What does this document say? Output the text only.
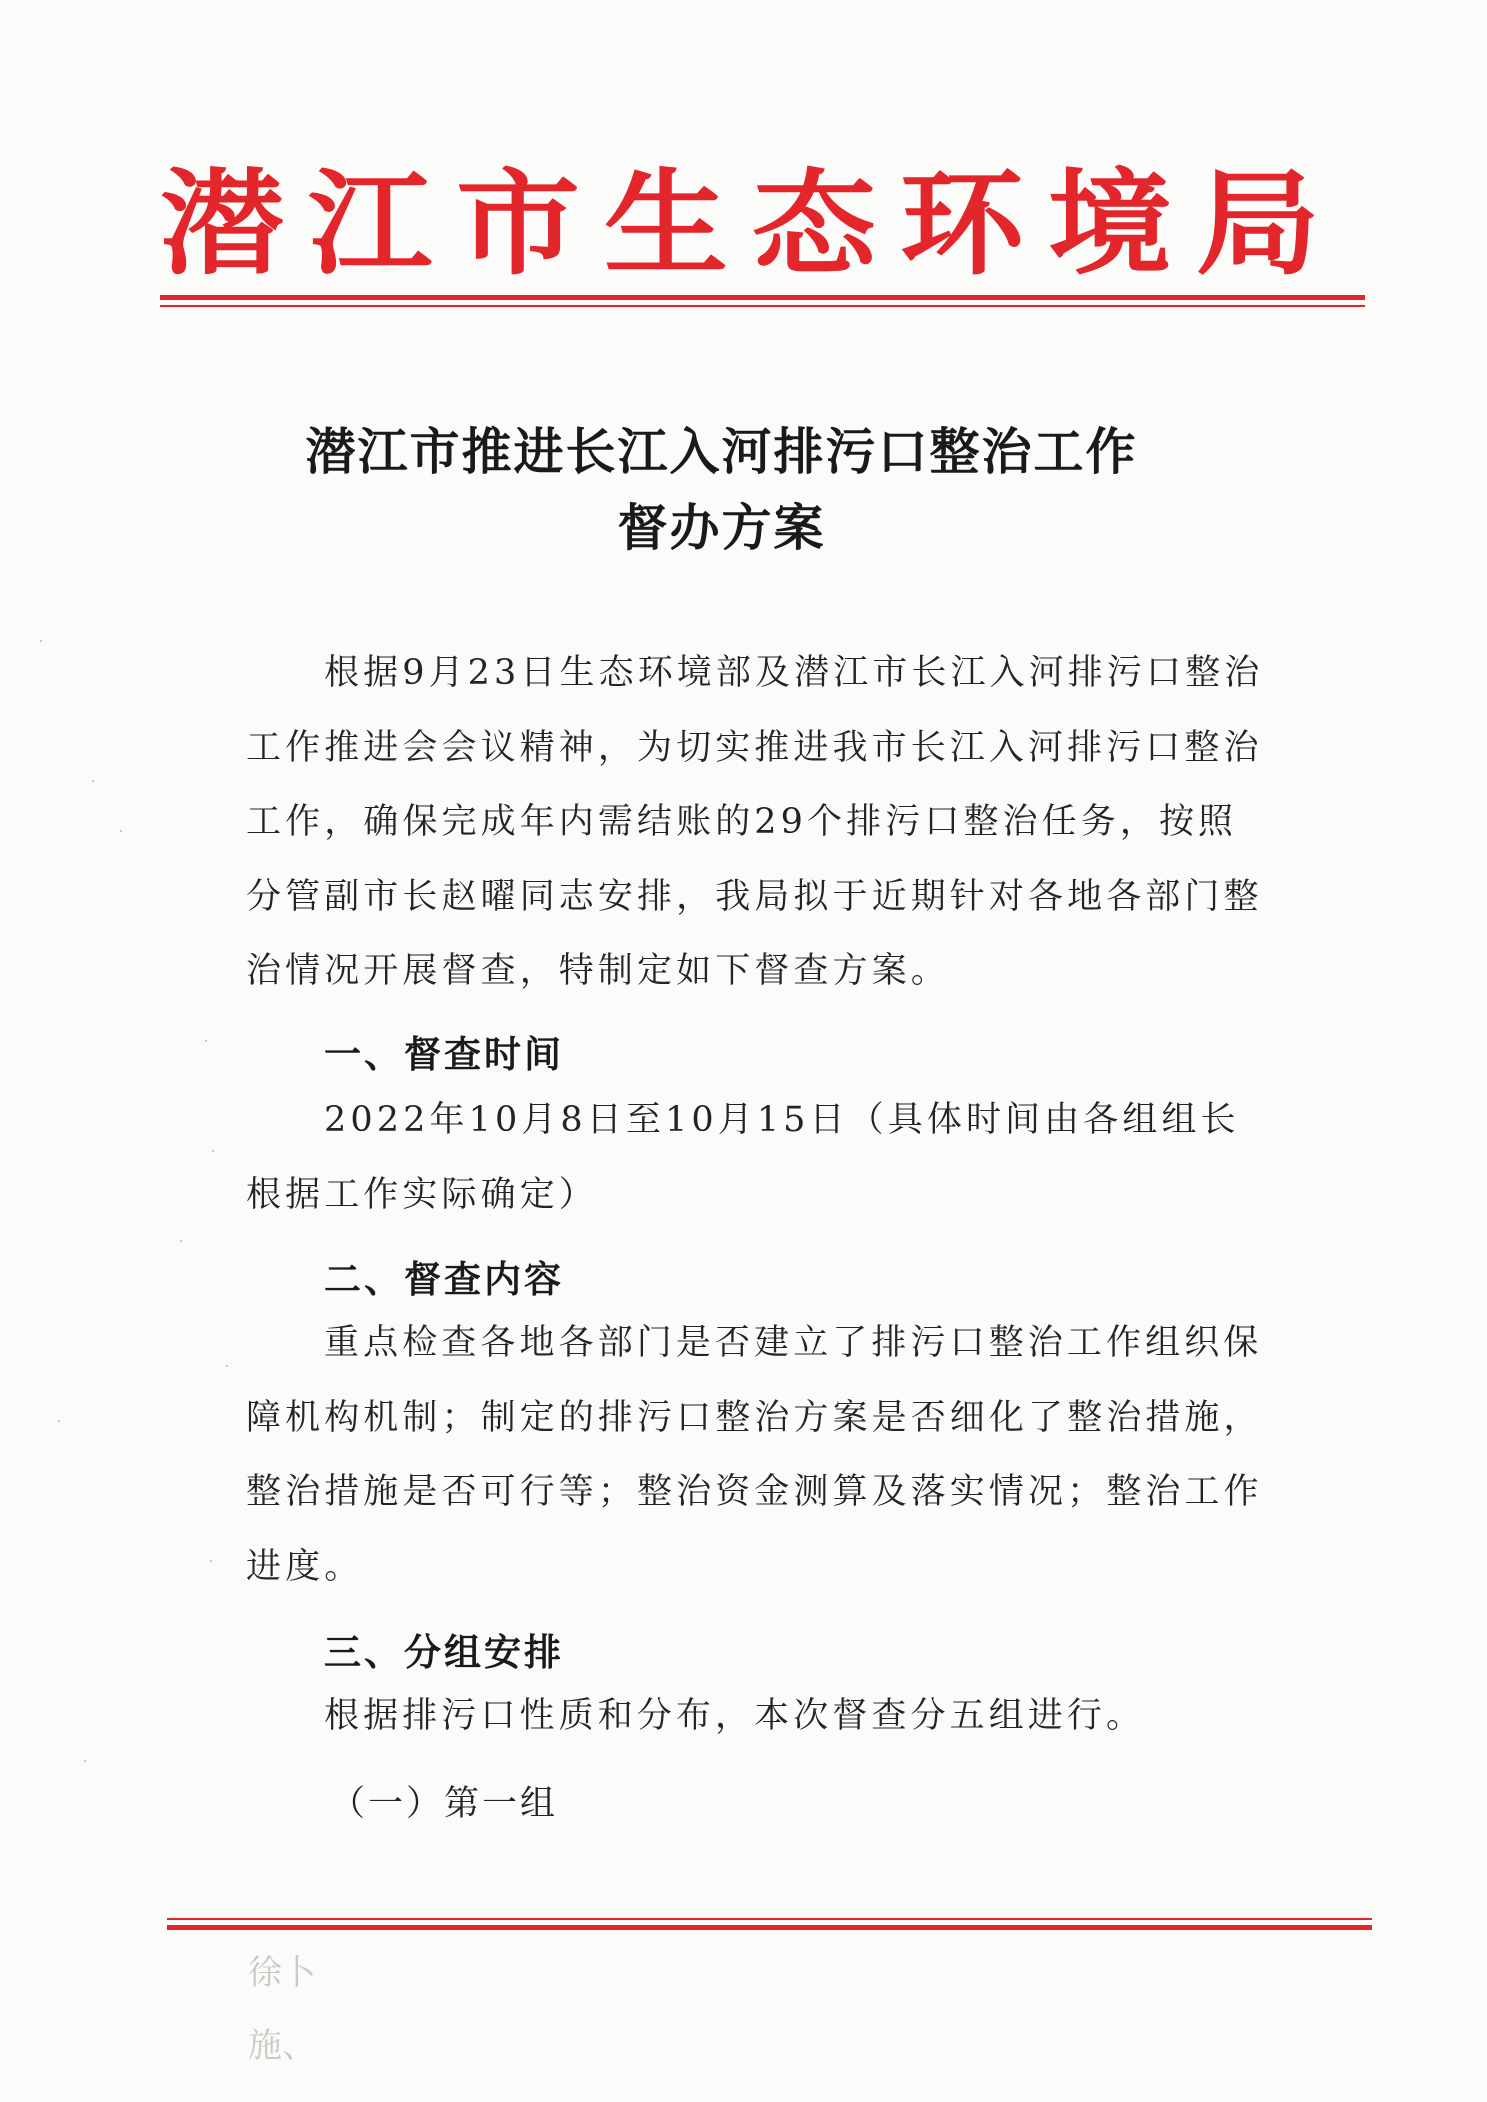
潜 江 市 生 态 环 境 局
潜江市推进长江入河排污口整治工作
督办方案
根据9月23日生态环境部及潜江市长江入河排污口整治工作推进会会议精神，为切实推进我市长江入河排污口整治工作，确保完成年内需结账的29个排污口整治任务，按照分管副市长赵曜同志安排，我局拟于近期针对各地各部门整治情况开展督查，特制定如下督查方案。
一、督查时间
2022年10月8日至10月15日（具体时间由各组组长根据工作实际确定）
二、督查内容
重点检查各地各部门是否建立了排污口整治工作组织保障机构机制；制定的排污口整治方案是否细化了整治措施，整治措施是否可行等；整治资金测算及落实情况；整治工作进度。
三、分组安排
根据排污口性质和分布，本次督查分五组进行。
（一）第一组
徐卜
施、
